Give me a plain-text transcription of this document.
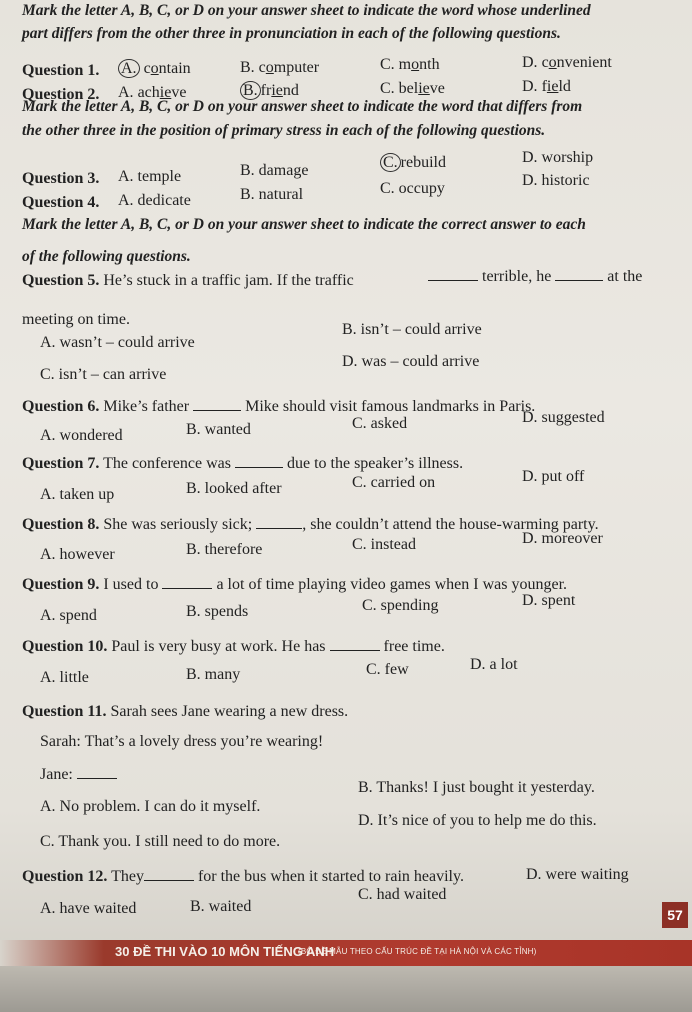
Mark the letter A, B, C, or D on your answer sheet to indicate the word whose underlined
part differs from the other three in pronunciation in each of the following questions.
Question 1. A. contain	B. computer	C. month	D. convenient
Question 2. A. achieve	B. friend	C. believe	D. field
Mark the letter A, B, C, or D on your answer sheet to indicate the word that differs from
the other three in the position of primary stress in each of the following questions.
Question 3. A. temple	B. damage	C. rebuild	D. worship
Question 4. A. dedicate	B. natural	C. occupy	D. historic
Mark the letter A, B, C, or D on your answer sheet to indicate the correct answer to each
of the following questions.
Question 5. He’s stuck in a traffic jam. If the traffic	terrible, he	at the
meeting on time.
A. wasn’t – could arrive
B. isn’t – could arrive
C. isn’t – can arrive
D. was – could arrive
Question 6. Mike’s father	Mike should visit famous landmarks in Paris.
A. wondered	B. wanted	C. asked	D. suggested
Question 7. The conference was	due to the speaker’s illness.
A. taken up	B. looked after	C. carried on	D. put off
Question 8. She was seriously sick;	, she couldn’t attend the house-warming party.
A. however	B. therefore	C. instead	D. moreover
Question 9. I used to	a lot of time playing video games when I was younger.
A. spend	B. spends	C. spending	D. spent
Question 10. Paul is very busy at work. He has	free time.
A. little	B. many	C. few	D. a lot
Question 11. Sarah sees Jane wearing a new dress.
Sarah: That’s a lovely dress you’re wearing!
Jane:
A. No problem. I can do it myself.
B. Thanks! I just bought it yesterday.
C. Thank you. I still need to do more.
D. It’s nice of you to help me do this.
Question 12. They	for the bus when it started to rain heavily.
A. have waited	B. waited
C. had waited
D. were waiting
57
30 ĐỀ THI VÀO 10 MÔN TIẾNG ANH
(BỘ ĐỀ MẪU THEO CẤU TRÚC ĐỀ TẠI HÀ NỘI VÀ CÁC TỈNH)
